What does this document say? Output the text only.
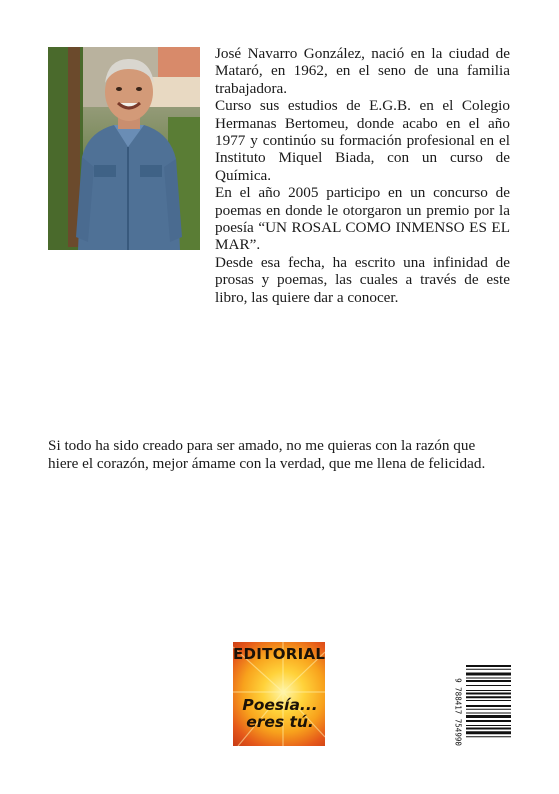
José Navarro González, nació en la ciudad de Mataró, en 1962, en el seno de una familia trabajadora.

Curso sus estudios de E.G.B. en el Colegio Hermanas Bertomeu, donde acabo en el año 1977 y continúo su formación profesional en el Instituto Miquel Biada, con un curso de Química.

En el año 2005 participo en un concurso de poemas en donde le otorgaron un premio por la poesía “UN ROSAL COMO INMENSO ES EL MAR”.

Desde esa fecha, ha escrito una infinidad de prosas y poemas, las cuales a través de este libro, las quiere dar a conocer.

Si todo ha sido creado para ser amado, no me quieras con la razón que hiere el corazón, mejor ámame con la verdad, que me llena de felicidad.

EDITORIAL
Poesía...
eres tú.	9 788417 754990
